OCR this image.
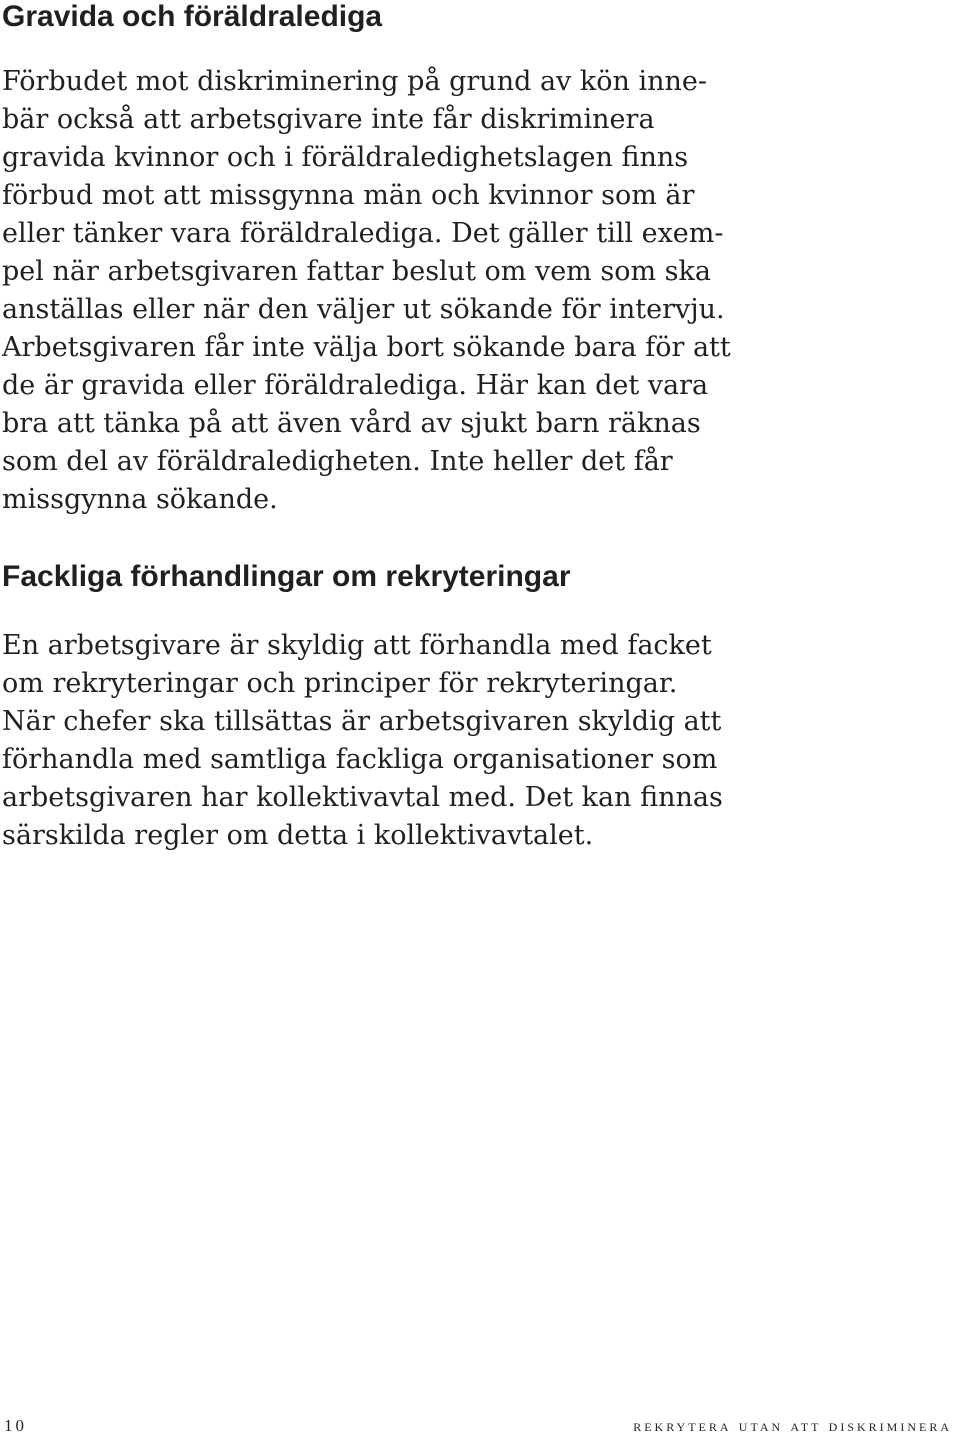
Gravida och föräldralediga
Förbudet mot diskriminering på grund av kön inne-
bär också att arbetsgivare inte får diskriminera
gravida kvinnor och i föräldraledighetslagen finns
förbud mot att missgynna män och kvinnor som är
eller tänker vara föräldralediga. Det gäller till exem-
pel när arbetsgivaren fattar beslut om vem som ska
anställas eller när den väljer ut sökande för intervju.
Arbetsgivaren får inte välja bort sökande bara för att
de är gravida eller föräldralediga. Här kan det vara
bra att tänka på att även vård av sjukt barn räknas
som del av föräldraledigheten. Inte heller det får
missgynna sökande.
Fackliga förhandlingar om rekryteringar
En arbetsgivare är skyldig att förhandla med facket
om rekryteringar och principer för rekryteringar.
När chefer ska tillsättas är arbetsgivaren skyldig att
förhandla med samtliga fackliga organisationer som
arbetsgivaren har kollektivavtal med. Det kan finnas
särskilda regler om detta i kollektivavtalet.
10	rekrytera utan att diskriminera
